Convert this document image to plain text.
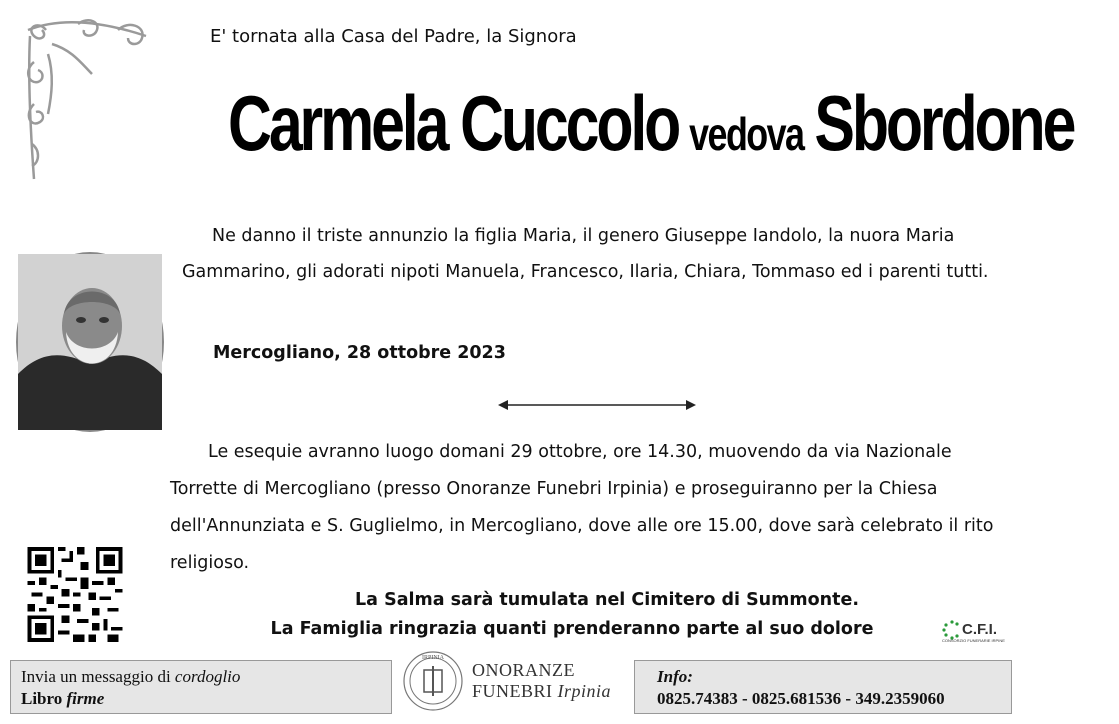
E' tornata alla Casa del Padre, la Signora
Carmela Cuccolo vedova Sbordone
Ne danno il triste annunzio la figlia Maria, il genero Giuseppe Iandolo, la nuora Maria Gammarino, gli adorati nipoti Manuela, Francesco, Ilaria, Chiara, Tommaso ed i parenti tutti.
Mercogliano, 28 ottobre 2023
Le esequie avranno luogo domani 29 ottobre, ore 14.30, muovendo da via Nazionale Torrette di Mercogliano (presso Onoranze Funebri Irpinia) e proseguiranno per la Chiesa dell'Annunziata e S. Guglielmo, in Mercogliano, dove alle ore 15.00, dove sarà celebrato il rito religioso.
La Salma sarà tumulata nel Cimitero di Summonte.
La Famiglia ringrazia quanti prenderanno parte al suo dolore	C.F.I.
CONSORZIO FUNERARIE IRPINE
Invia un messaggio di cordoglio
Libro firme
IRPINIA
ONORANZE
FUNEBRI Irpinia
Info:
0825.74383 - 0825.681536 - 349.2359060
